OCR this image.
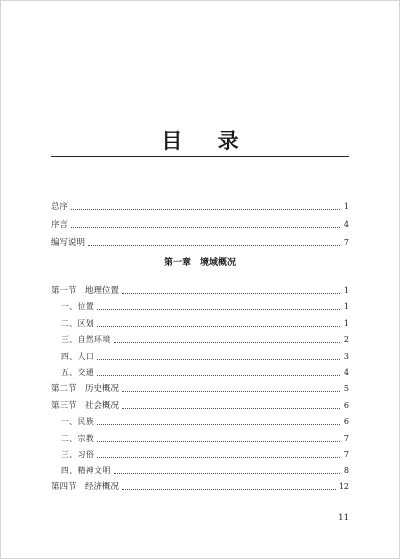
目 录
总序	1
序言	4
编写说明	7
第一节　地理位置	1
一、位置	1
二、区划	1
三、自然环境	2
四、人口	3
五、交通	4
第二节　历史概况	5
第三节　社会概况	6
一、民族	6
二、宗教	7
三、习俗	7
四、精神文明	8
第四节　经济概况	12
第一章　境域概况
11
